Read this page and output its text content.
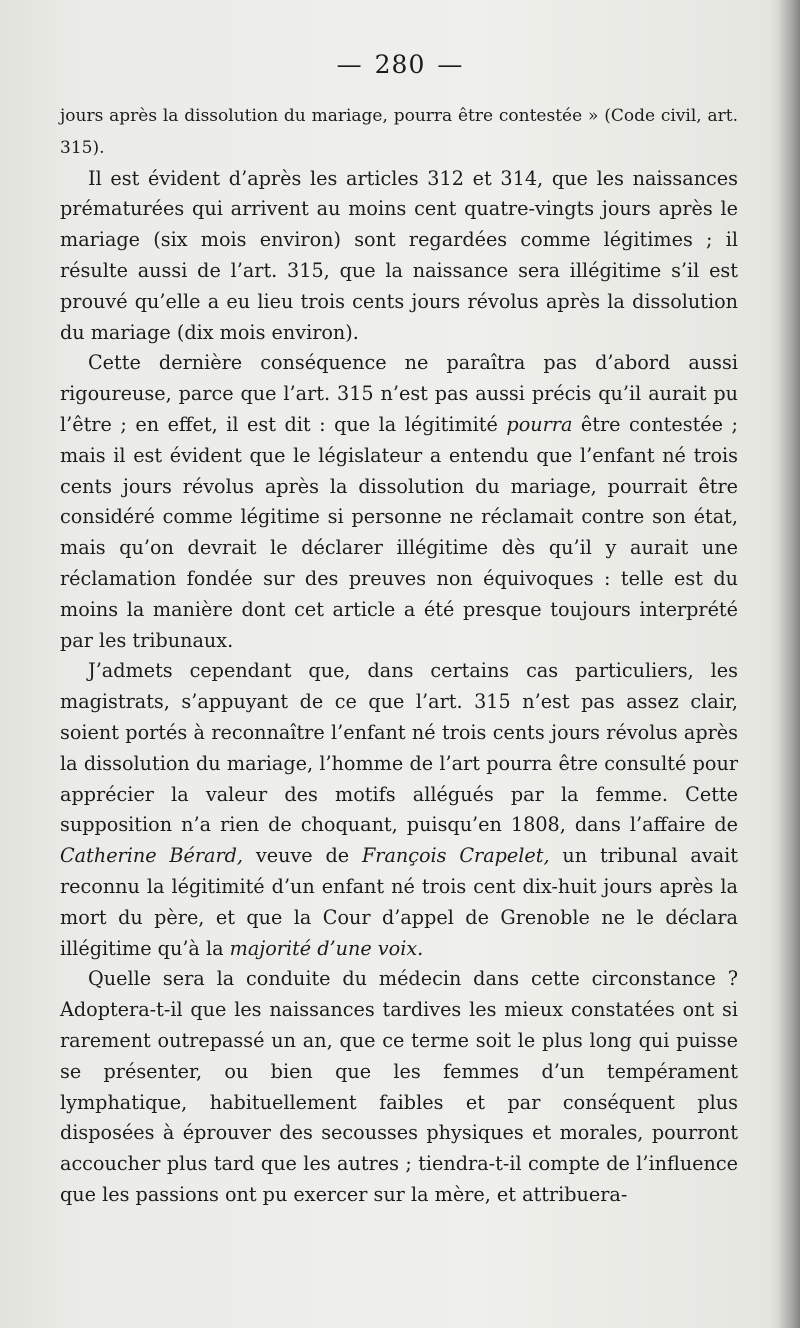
— 280 —

jours après la dissolution du mariage, pourra être contestée » (Code civil, art. 315).

Il est évident d’après les articles 312 et 314, que les naissances prématurées qui arrivent au moins cent quatre-vingts jours après le mariage (six mois environ) sont regardées comme légitimes ; il résulte aussi de l’art. 315, que la naissance sera illégitime s’il est prouvé qu’elle a eu lieu trois cents jours révolus après la dissolution du mariage (dix mois environ).

Cette dernière conséquence ne paraîtra pas d’abord aussi rigoureuse, parce que l’art. 315 n’est pas aussi précis qu’il aurait pu l’être ; en effet, il est dit : que la légitimité pourra être contestée ; mais il est évident que le législateur a entendu que l’enfant né trois cents jours révolus après la dissolution du mariage, pourrait être considéré comme légitime si personne ne réclamait contre son état, mais qu’on devrait le déclarer illégitime dès qu’il y aurait une réclamation fondée sur des preuves non équivoques : telle est du moins la manière dont cet article a été presque toujours interprété par les tribunaux.

J’admets cependant que, dans certains cas particuliers, les magistrats, s’appuyant de ce que l’art. 315 n’est pas assez clair, soient portés à reconnaître l’enfant né trois cents jours révolus après la dissolution du mariage, l’homme de l’art pourra être consulté pour apprécier la valeur des motifs allégués par la femme. Cette supposition n’a rien de choquant, puisqu’en 1808, dans l’affaire de Catherine Bérard, veuve de François Crapelet, un tribunal avait reconnu la légitimité d’un enfant né trois cent dix-huit jours après la mort du père, et que la Cour d’appel de Grenoble ne le déclara illégitime qu’à la majorité d’une voix.

Quelle sera la conduite du médecin dans cette circonstance ? Adoptera-t-il que les naissances tardives les mieux constatées ont si rarement outrepassé un an, que ce terme soit le plus long qui puisse se présenter, ou bien que les femmes d’un tempérament lymphatique, habituellement faibles et par conséquent plus disposées à éprouver des secousses physiques et morales, pourront accoucher plus tard que les autres ; tiendra-t-il compte de l’influence que les passions ont pu exercer sur la mère, et attribuera-
